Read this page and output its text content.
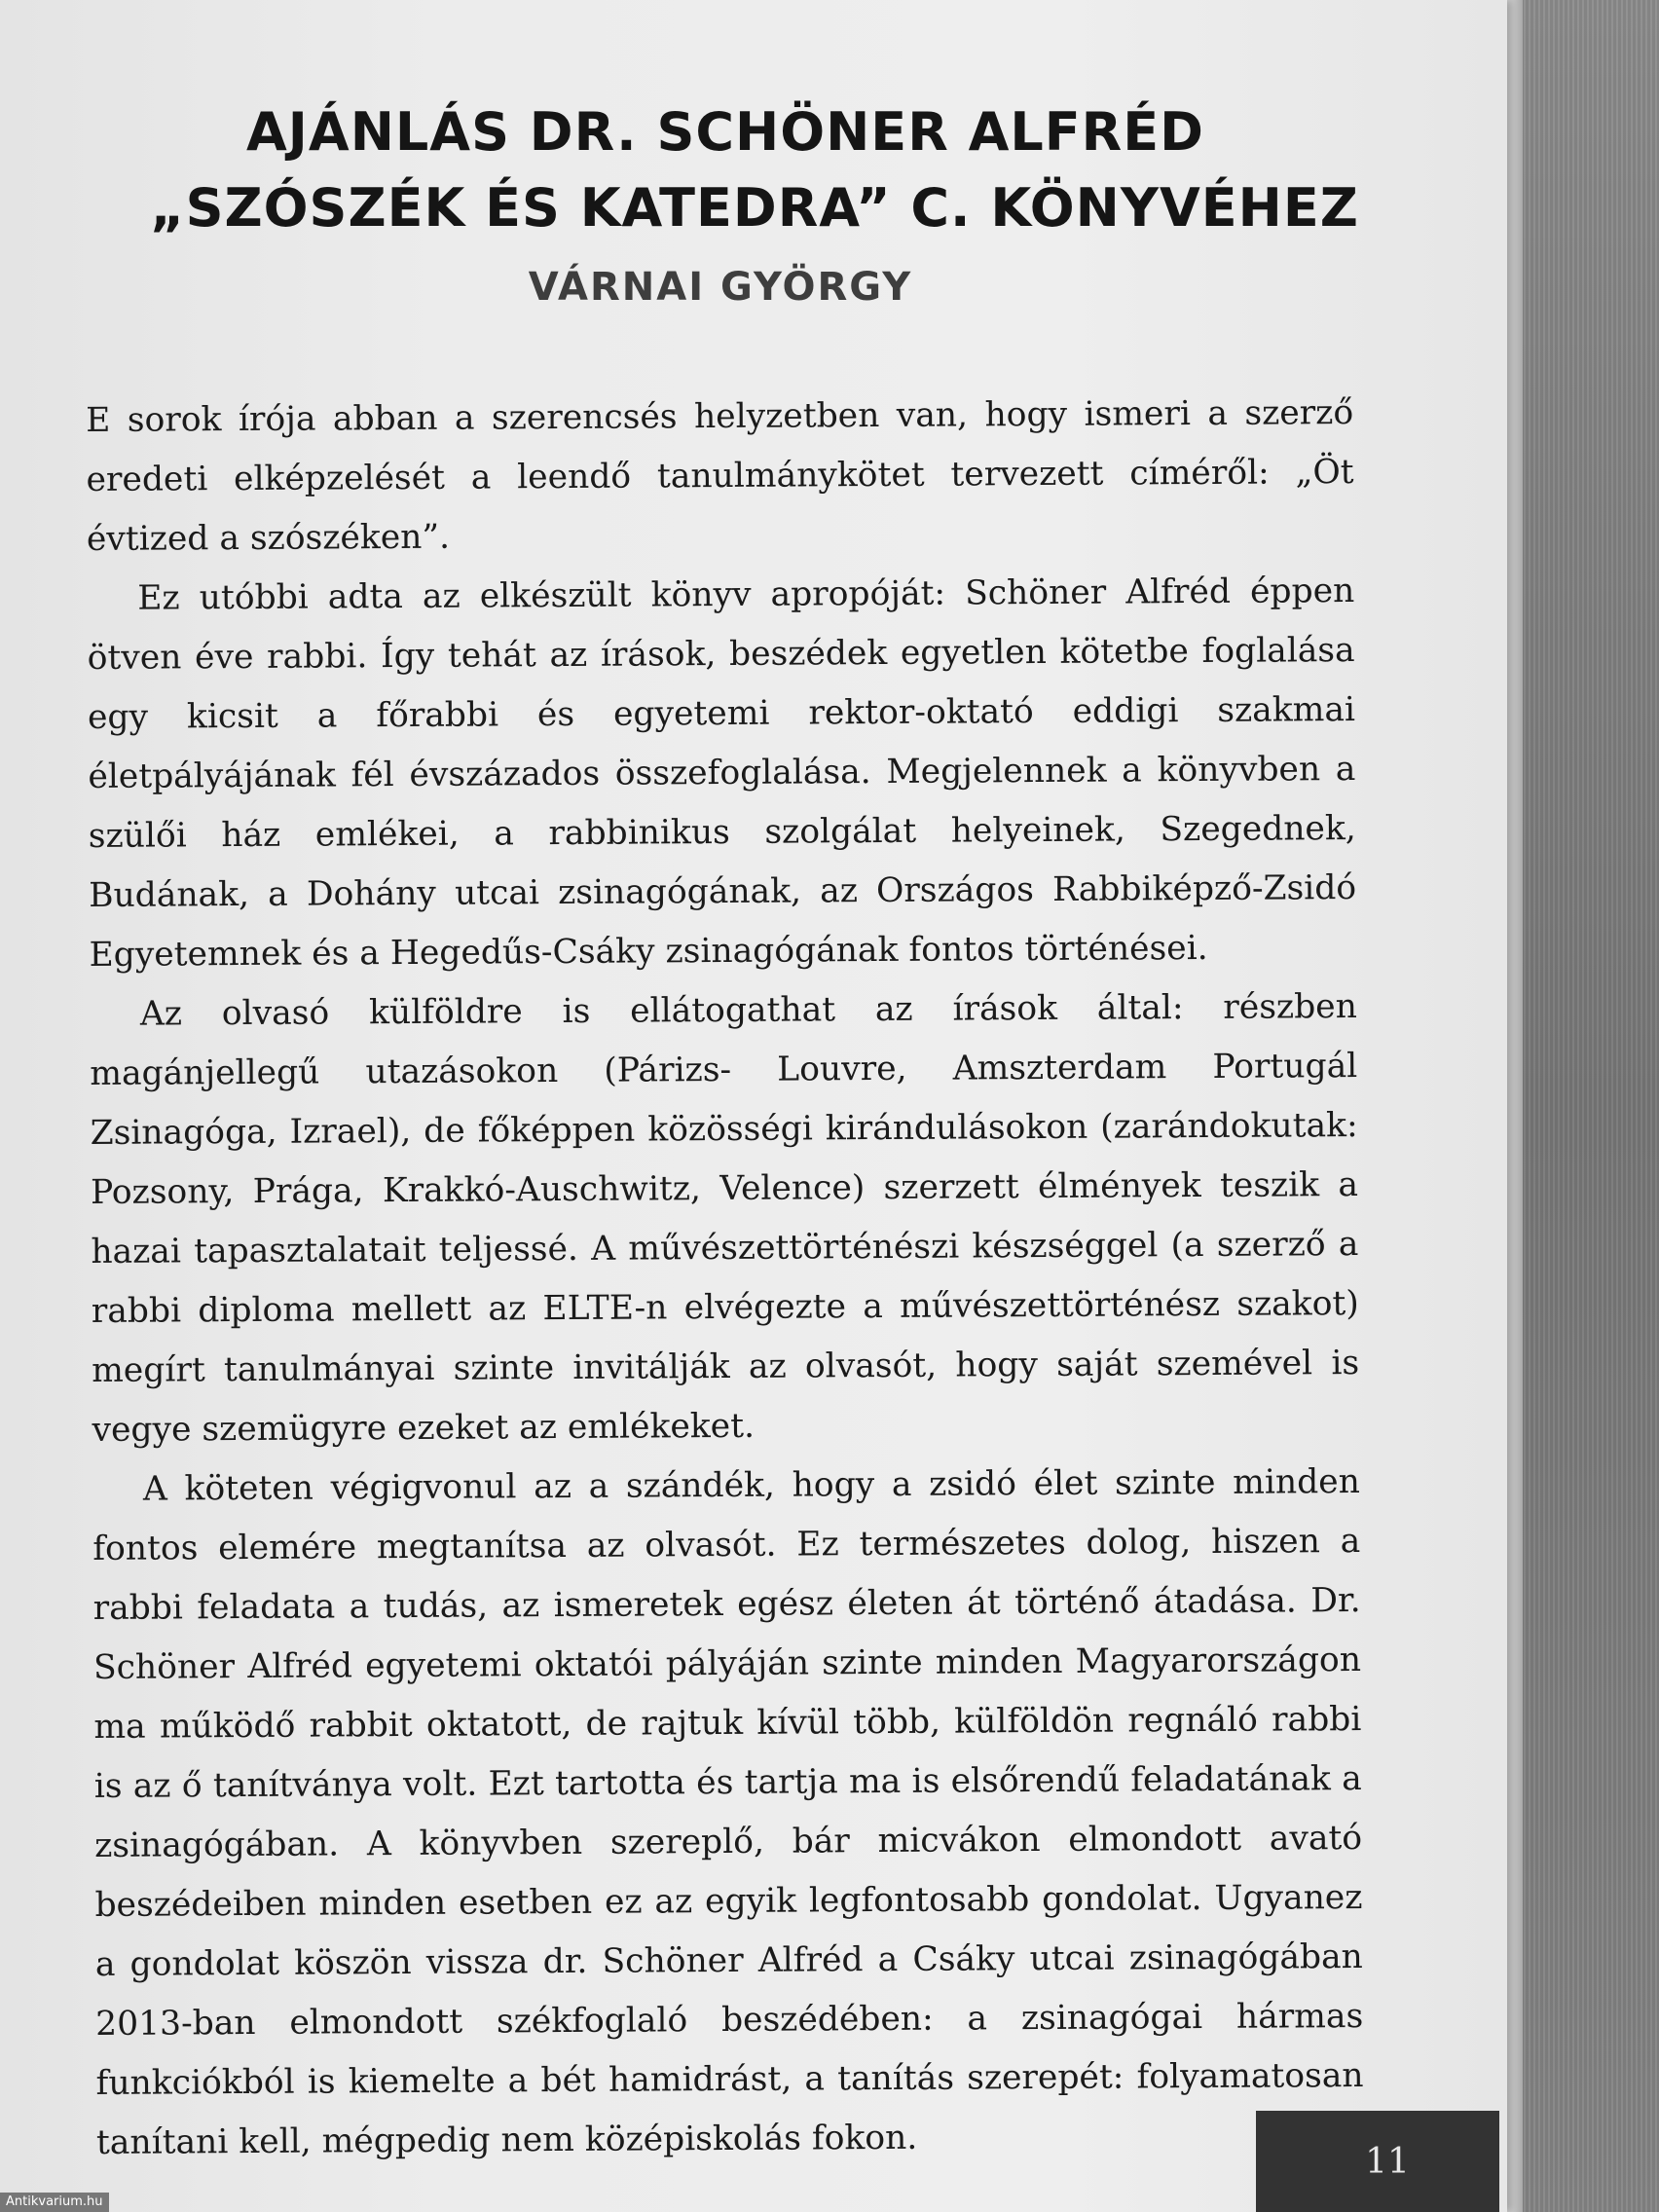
AJÁNLÁS DR. SCHÖNER ALFRÉD
„SZÓSZÉK ÉS KATEDRA” C. KÖNYVÉHEZ
VÁRNAI GYÖRGY

E sorok írója abban a szerencsés helyzetben van, hogy ismeri a szerző eredeti elképzelését a leendő tanulmánykötet tervezett címéről: „Öt évtized a szószéken”.

Ez utóbbi adta az elkészült könyv apropóját: Schöner Alfréd éppen ötven éve rabbi. Így tehát az írások, beszédek egyetlen kötetbe foglalása egy kicsit a főrabbi és egyetemi rektor-oktató eddigi szakmai életpályájának fél évszázados összefoglalása. Megjelennek a könyvben a szülői ház emlékei, a rabbinikus szolgálat helyeinek, Szegednek, Budának, a Dohány utcai zsinagógának, az Országos Rabbiképző-Zsidó Egyetemnek és a Hegedűs-Csáky zsinagógának fontos történései.

Az olvasó külföldre is ellátogathat az írások által: részben magánjellegű utazásokon (Párizs- Louvre, Amszterdam Portugál Zsinagóga, Izrael), de főképpen közösségi kirándulásokon (zarándokutak: Pozsony, Prága, Krakkó-Auschwitz, Velence) szerzett élmények teszik a hazai tapasztalatait teljessé. A művészettörténészi készséggel (a szerző a rabbi diploma mellett az ELTE-n elvégezte a művészettörténész szakot) megírt tanulmányai szinte invitálják az olvasót, hogy saját szemével is vegye szemügyre ezeket az emlékeket.

A köteten végigvonul az a szándék, hogy a zsidó élet szinte minden fontos elemére megtanítsa az olvasót. Ez természetes dolog, hiszen a rabbi feladata a tudás, az ismeretek egész életen át történő átadása. Dr. Schöner Alfréd egyetemi oktatói pályáján szinte minden Magyarországon ma működő rabbit oktatott, de rajtuk kívül több, külföldön regnáló rabbi is az ő tanítványa volt. Ezt tartotta és tartja ma is elsőrendű feladatának a zsinagógában. A könyvben szereplő, bár micvákon elmondott avató beszédeiben minden esetben ez az egyik legfontosabb gondolat. Ugyanez a gondolat köszön vissza dr. Schöner Alfréd a Csáky utcai zsinagógában 2013-ban elmondott székfoglaló beszédében: a zsinagógai hármas funkciókból is kiemelte a bét hamidrást, a tanítás szerepét: folyamatosan tanítani kell, mégpedig nem középiskolás fokon.	11
Antikvarium.hu
